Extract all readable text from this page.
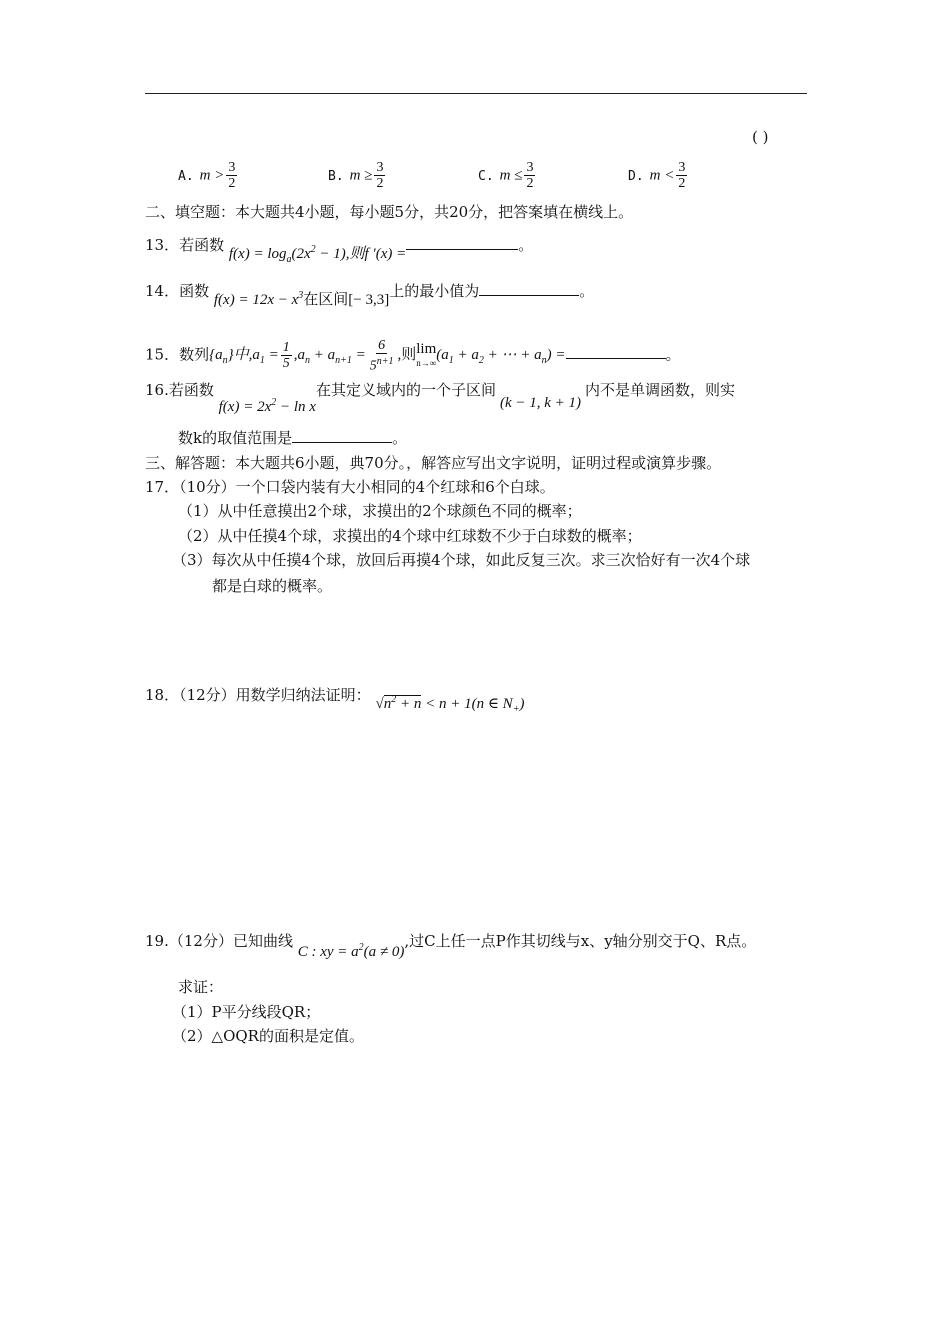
( )
A. $m > \frac{3}{2}$	B. $m \ge \frac{3}{2}$	C. $m \le \frac{3}{2}$	D. $m < \frac{3}{2}$
二、填空题：本大题共4小题，每小题5分，共20分，把答案填在横线上。
13．若函数 $f(x) = \log_a(2x^2 - 1)$,则f ′(x) =	。
14．函数 $f(x) = 12x - x^3$在区间[− 3,3]上的最小值为	。
15．数列$\{a_n\}$中$,a_1 = \frac{1}{5} ,a_n + a_{n+1} = \frac{6}{5^{n+1}}$ ,则 lim
n→∞ ($a_1 + a_2$ + ⋯ + $a_n$) =	。
16.若函数 $f(x) = 2x^2 - \ln x$在其定义域内的一个子区间(k − 1, k + 1)内不是单调函数，则实
数k的取值范围是	。
三、解答题：本大题共6小题，典70分。，解答应写出文字说明，证明过程或演算步骤。
17．（10分）一个口袋内装有大小相同的4个红球和6个白球。
（1）从中任意摸出2个球，求摸出的2个球颜色不同的概率；
（2）从中任摸4个球，求摸出的4个球中红球数不少于白球数的概率；
（3）每次从中任摸4个球，放回后再摸4个球，如此反复三次。求三次恰好有一次4个球
都是白球的概率。
18．（12分）用数学归纳法证明： $√n^2 + n < n + 1(n$ ∈ $N_+$)
19.（12分）已知曲线 C : xy = $a^2(a \ne 0)$,过C上任一点P作其切线与x、y轴分别交于Q、R点。
求证：
（1）P平分线段QR；
（2）△OQR的面积是定值。
